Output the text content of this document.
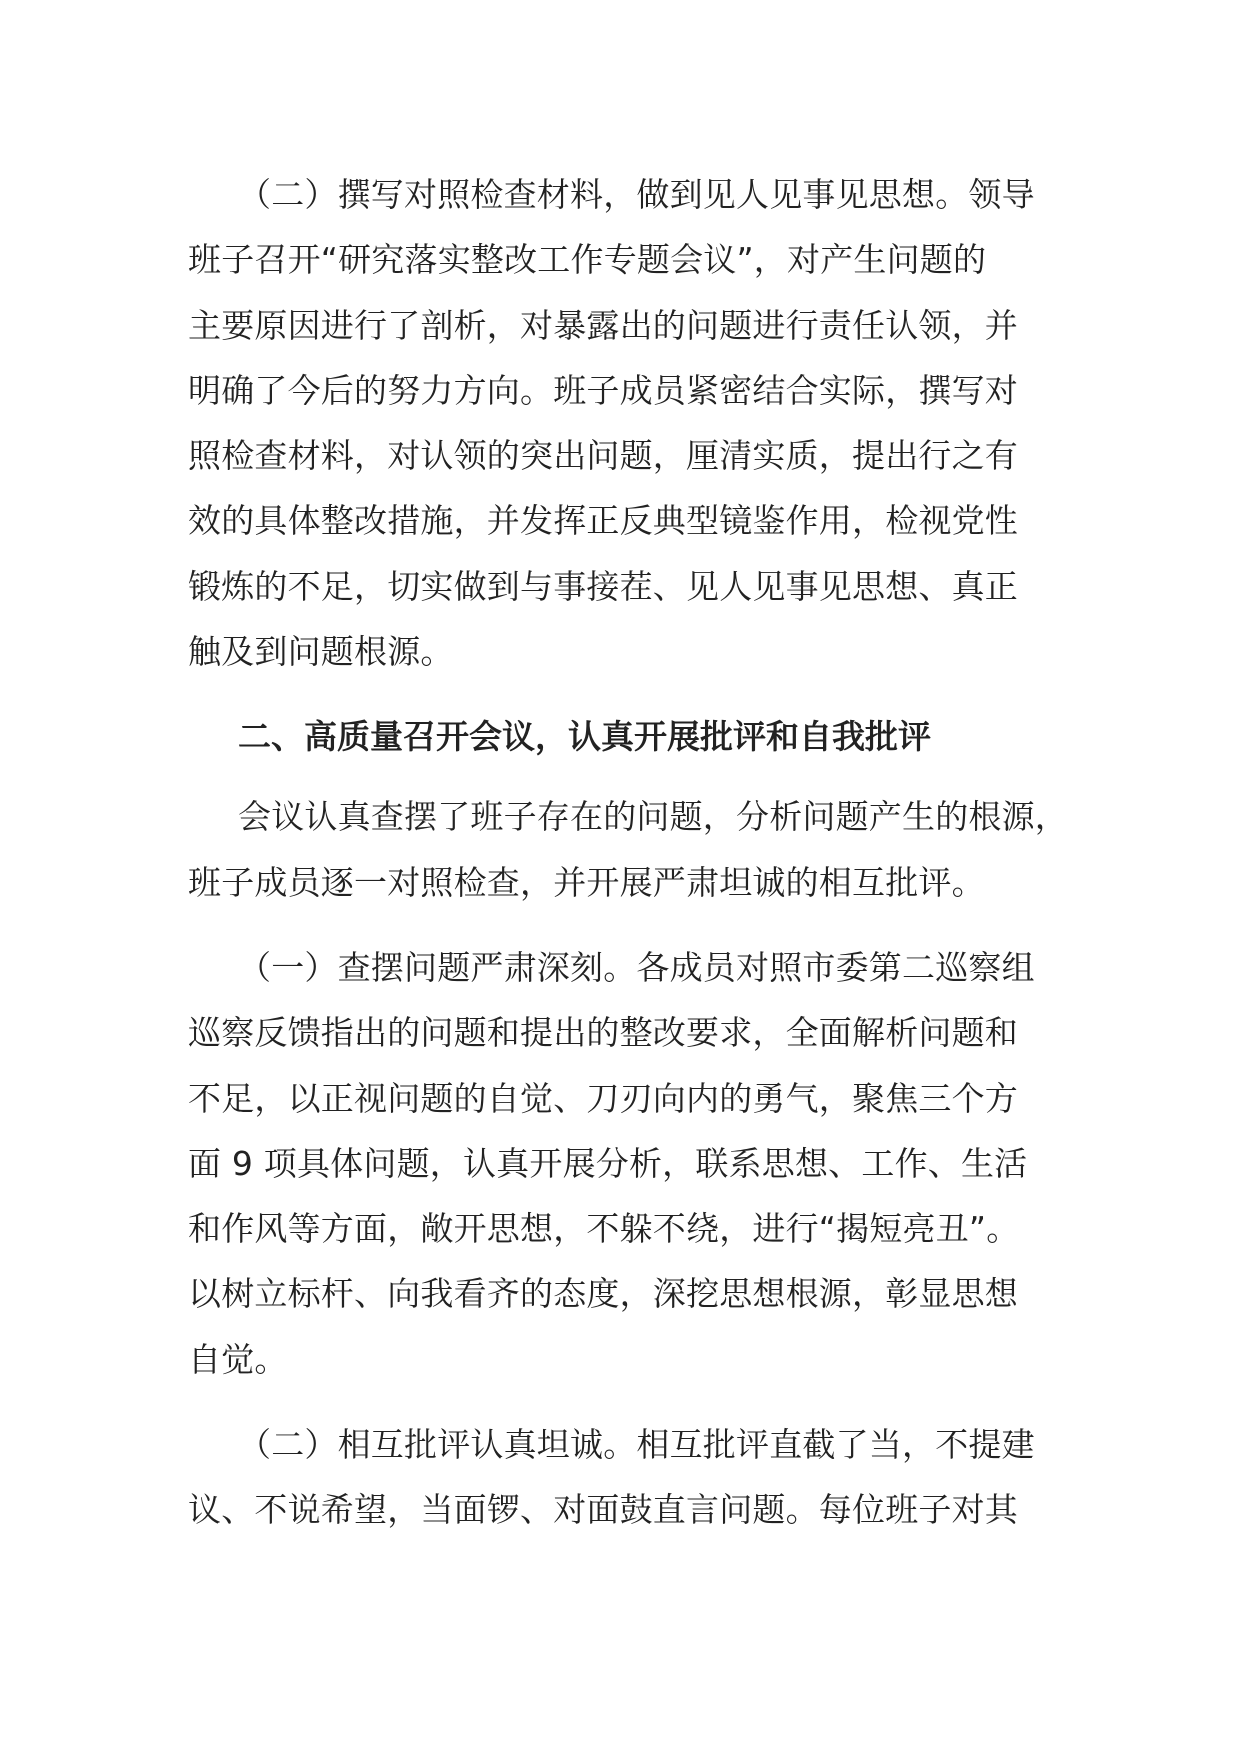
（二）撰写对照检查材料，做到见人见事见思想。领导
班子召开“研究落实整改工作专题会议”，对产生问题的
主要原因进行了剖析，对暴露出的问题进行责任认领，并
明确了今后的努力方向。班子成员紧密结合实际，撰写对
照检查材料，对认领的突出问题，厘清实质，提出行之有
效的具体整改措施，并发挥正反典型镜鉴作用，检视党性
锻炼的不足，切实做到与事接茬、见人见事见思想、真正
触及到问题根源。

二、高质量召开会议，认真开展批评和自我批评

会议认真查摆了班子存在的问题，分析问题产生的根源，
班子成员逐一对照检查，并开展严肃坦诚的相互批评。

（一）查摆问题严肃深刻。各成员对照市委第二巡察组
巡察反馈指出的问题和提出的整改要求，全面解析问题和
不足，以正视问题的自觉、刀刃向内的勇气，聚焦三个方
面 9 项具体问题，认真开展分析，联系思想、工作、生活
和作风等方面，敞开思想，不躲不绕，进行“揭短亮丑”。
以树立标杆、向我看齐的态度，深挖思想根源，彰显思想
自觉。

（二）相互批评认真坦诚。相互批评直截了当，不提建
议、不说希望，当面锣、对面鼓直言问题。每位班子对其
